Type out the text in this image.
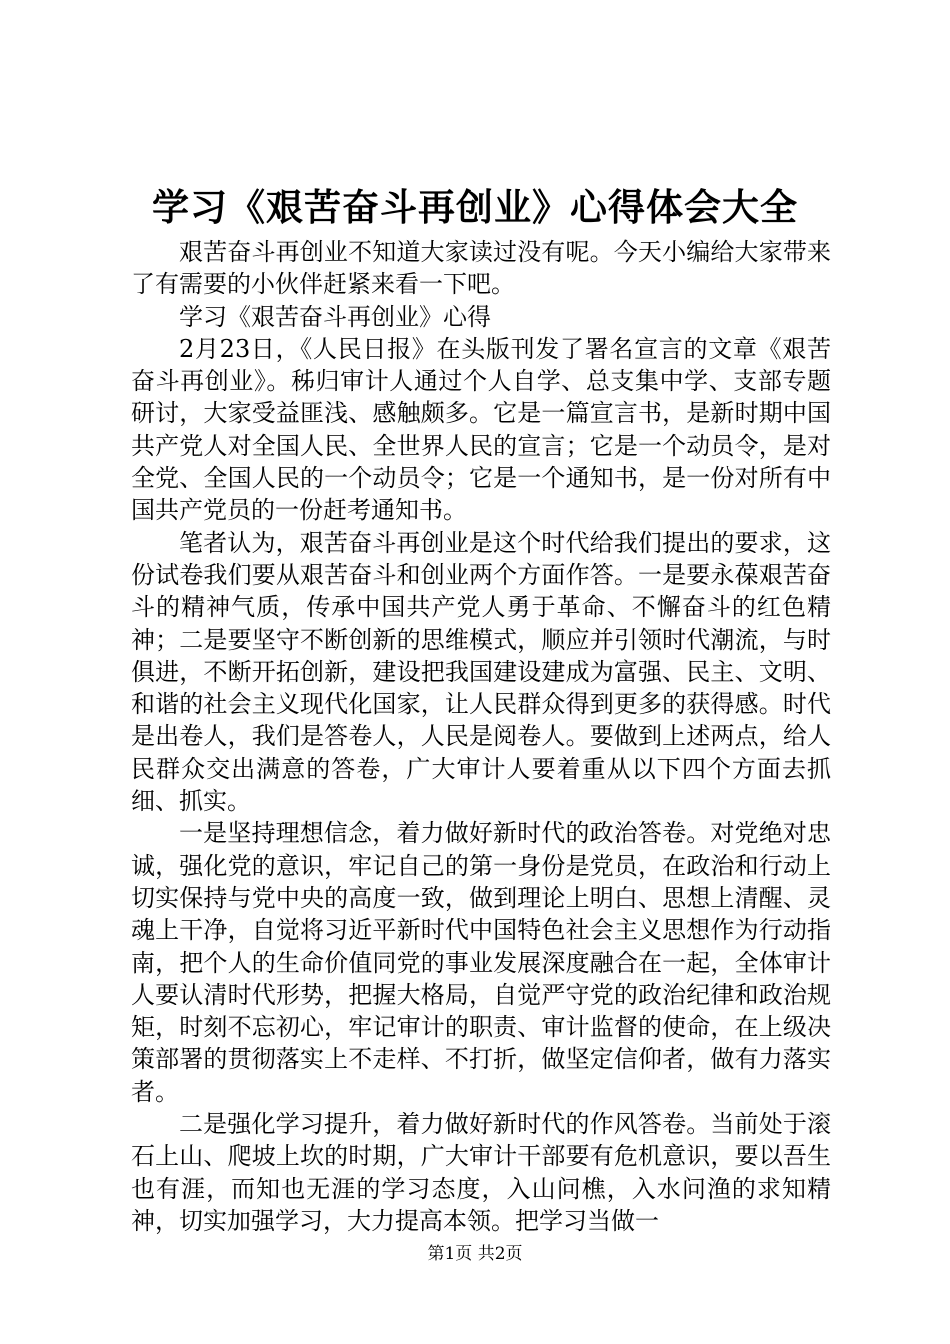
学习《艰苦奋斗再创业》心得体会大全

艰苦奋斗再创业不知道大家读过没有呢。今天小编给大家带来了有需要的小伙伴赶紧来看一下吧。

学习《艰苦奋斗再创业》心得

2月23日，《人民日报》在头版刊发了署名宣言的文章《艰苦奋斗再创业》。秭归审计人通过个人自学、总支集中学、支部专题研讨，大家受益匪浅、感触颇多。它是一篇宣言书，是新时期中国共产党人对全国人民、全世界人民的宣言；它是一个动员令，是对全党、全国人民的一个动员令；它是一个通知书，是一份对所有中国共产党员的一份赶考通知书。

笔者认为，艰苦奋斗再创业是这个时代给我们提出的要求，这份试卷我们要从艰苦奋斗和创业两个方面作答。一是要永葆艰苦奋斗的精神气质，传承中国共产党人勇于革命、不懈奋斗的红色精神；二是要坚守不断创新的思维模式，顺应并引领时代潮流，与时俱进，不断开拓创新，建设把我国建设建成为富强、民主、文明、和谐的社会主义现代化国家，让人民群众得到更多的获得感。时代是出卷人，我们是答卷人，人民是阅卷人。要做到上述两点，给人民群众交出满意的答卷，广大审计人要着重从以下四个方面去抓细、抓实。

一是坚持理想信念，着力做好新时代的政治答卷。对党绝对忠诚，强化党的意识，牢记自己的第一身份是党员，在政治和行动上切实保持与党中央的高度一致，做到理论上明白、思想上清醒、灵魂上干净，自觉将习近平新时代中国特色社会主义思想作为行动指南，把个人的生命价值同党的事业发展深度融合在一起，全体审计人要认清时代形势，把握大格局，自觉严守党的政治纪律和政治规矩，时刻不忘初心，牢记审计的职责、审计监督的使命，在上级决策部署的贯彻落实上不走样、不打折，做坚定信仰者，做有力落实者。

二是强化学习提升，着力做好新时代的作风答卷。当前处于滚石上山、爬坡上坎的时期，广大审计干部要有危机意识，要以吾生也有涯，而知也无涯的学习态度，入山问樵，入水问渔的求知精神，切实加强学习，大力提高本领。把学习当做一

第1页 共2页
